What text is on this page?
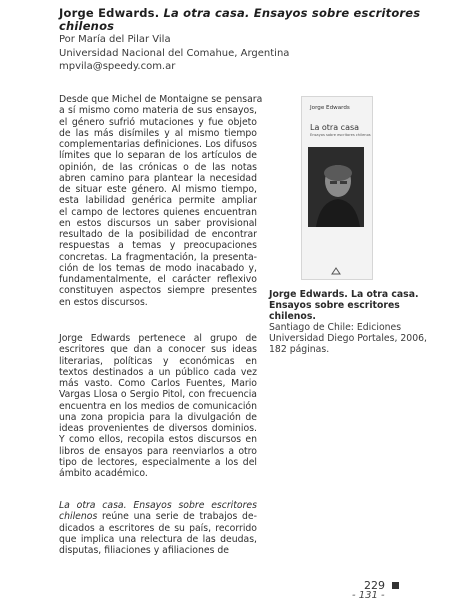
Jorge Edwards. La otra casa. Ensayos sobre escritores chilenos
Por María del Pilar Vila
Universidad Nacional del Comahue, Argentina
mpvila@speedy.com.ar
Desde que Michel de Montaigne se pensara
a sí mismo como materia de sus ensayos,
el género sufrió mutaciones y fue objeto
de las más disímiles y al mismo tiempo
complementarias definiciones. Los difusos
límites que lo separan de los artículos de
opinión, de las crónicas o de las notas
abren camino para plantear la necesidad
de situar este género. Al mismo tiempo,
esta labilidad genérica permite ampliar
el campo de lectores quienes encuentran
en estos discursos un saber provisional
resultado de la posibilidad de encontrar
respuestas a temas y preocupaciones
concretas. La fragmentación, la presenta-
ción de los temas de modo inacabado y,
fundamentalmente, el carácter reflexivo
constituyen aspectos siempre presentes
en estos discursos.
Jorge Edwards pertenece al grupo de
escritores que dan a conocer sus ideas
literarias, políticas y económicas en
textos destinados a un público cada vez
más vasto. Como Carlos Fuentes, Mario
Vargas Llosa o Sergio Pitol, con frecuencia
encuentra en los medios de comunicación
una zona propicia para la divulgación de
ideas provenientes de diversos dominios.
Y como ellos, recopila estos discursos en
libros de ensayos para reenviarlos a otro
tipo de lectores, especialmente a los del
ámbito académico.
La otra casa. Ensayos sobre escritores
chilenos reúne una serie de trabajos de-
dicados a escritores de su país, recorrido
que implica una relectura de las deudas,
disputas, filiaciones y afiliaciones de
Jorge Edwards
La otra casa
Ensayos sobre escritores chilenos
Jorge Edwards. La otra casa. Ensayos sobre escritores chilenos.
Santiago de Chile: Ediciones Universidad Diego Portales, 2006, 182 páginas.
229
- 131 -
